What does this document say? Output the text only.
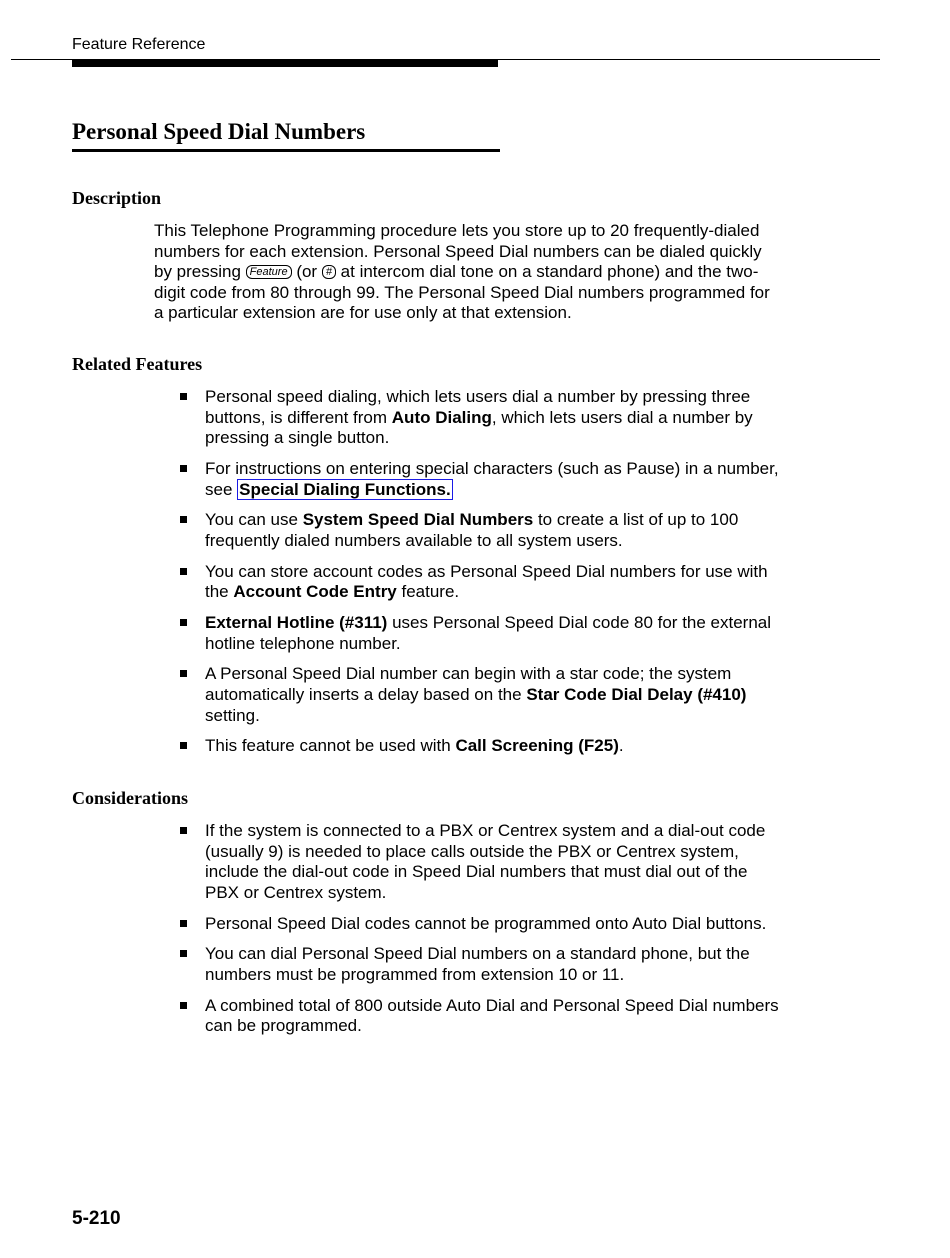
Feature Reference
Personal Speed Dial Numbers
Description

This Telephone Programming procedure lets you store up to 20 frequently-dialed numbers for each extension. Personal Speed Dial numbers can be dialed quickly by pressing Feature (or # at intercom dial tone on a standard phone) and the two-digit code from 80 through 99. The Personal Speed Dial numbers programmed for a particular extension are for use only at that extension.

Related Features
Personal speed dialing, which lets users dial a number by pressing three buttons, is different from Auto Dialing, which lets users dial a number by pressing a single button.
For instructions on entering special characters (such as Pause) in a number, see Special Dialing Functions.
You can use System Speed Dial Numbers to create a list of up to 100 frequently dialed numbers available to all system users.
You can store account codes as Personal Speed Dial numbers for use with the Account Code Entry feature.
External Hotline (#311) uses Personal Speed Dial code 80 for the external hotline telephone number.
A Personal Speed Dial number can begin with a star code; the system automatically inserts a delay based on the Star Code Dial Delay (#410) setting.
This feature cannot be used with Call Screening (F25).
Considerations
If the system is connected to a PBX or Centrex system and a dial-out code (usually 9) is needed to place calls outside the PBX or Centrex system, include the dial-out code in Speed Dial numbers that must dial out of the PBX or Centrex system.
Personal Speed Dial codes cannot be programmed onto Auto Dial buttons.
You can dial Personal Speed Dial numbers on a standard phone, but the numbers must be programmed from extension 10 or 11.
A combined total of 800 outside Auto Dial and Personal Speed Dial numbers can be programmed.
5-210
